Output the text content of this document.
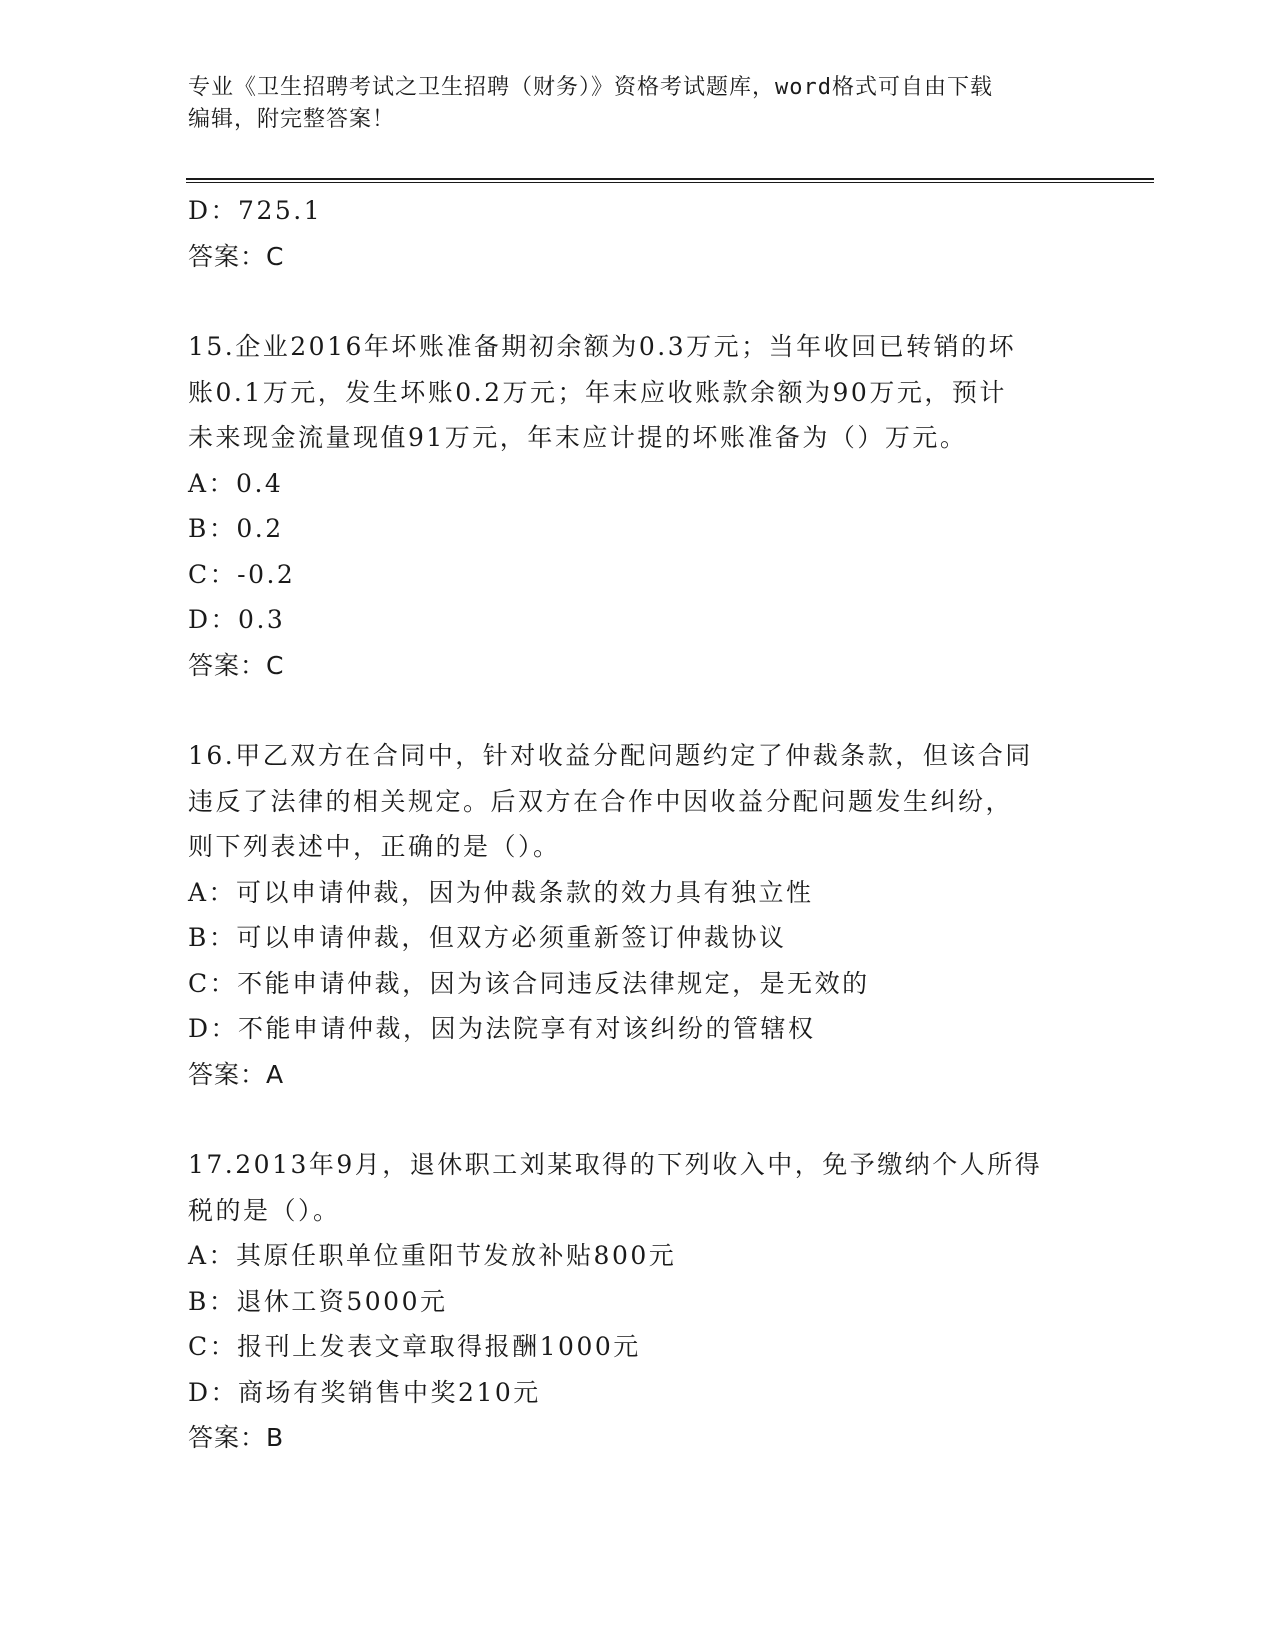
专业《卫生招聘考试之卫生招聘（财务）》资格考试题库，word格式可自由下载
编辑，附完整答案！
D：725.1
答案：C
15.企业2016年坏账准备期初余额为0.3万元；当年收回已转销的坏
账0.1万元，发生坏账0.2万元；年末应收账款余额为90万元，预计
未来现金流量现值91万元，年末应计提的坏账准备为（）万元。
A：0.4
B：0.2
C：-0.2
D：0.3
答案：C
16.甲乙双方在合同中，针对收益分配问题约定了仲裁条款，但该合同
违反了法律的相关规定。后双方在合作中因收益分配问题发生纠纷，
则下列表述中，正确的是（）。
A：可以申请仲裁，因为仲裁条款的效力具有独立性
B：可以申请仲裁，但双方必须重新签订仲裁协议
C：不能申请仲裁，因为该合同违反法律规定，是无效的
D：不能申请仲裁，因为法院享有对该纠纷的管辖权
答案：A
17.2013年9月，退休职工刘某取得的下列收入中，免予缴纳个人所得
税的是（）。
A：其原任职单位重阳节发放补贴800元
B：退休工资5000元
C：报刊上发表文章取得报酬1000元
D：商场有奖销售中奖210元
答案：B
